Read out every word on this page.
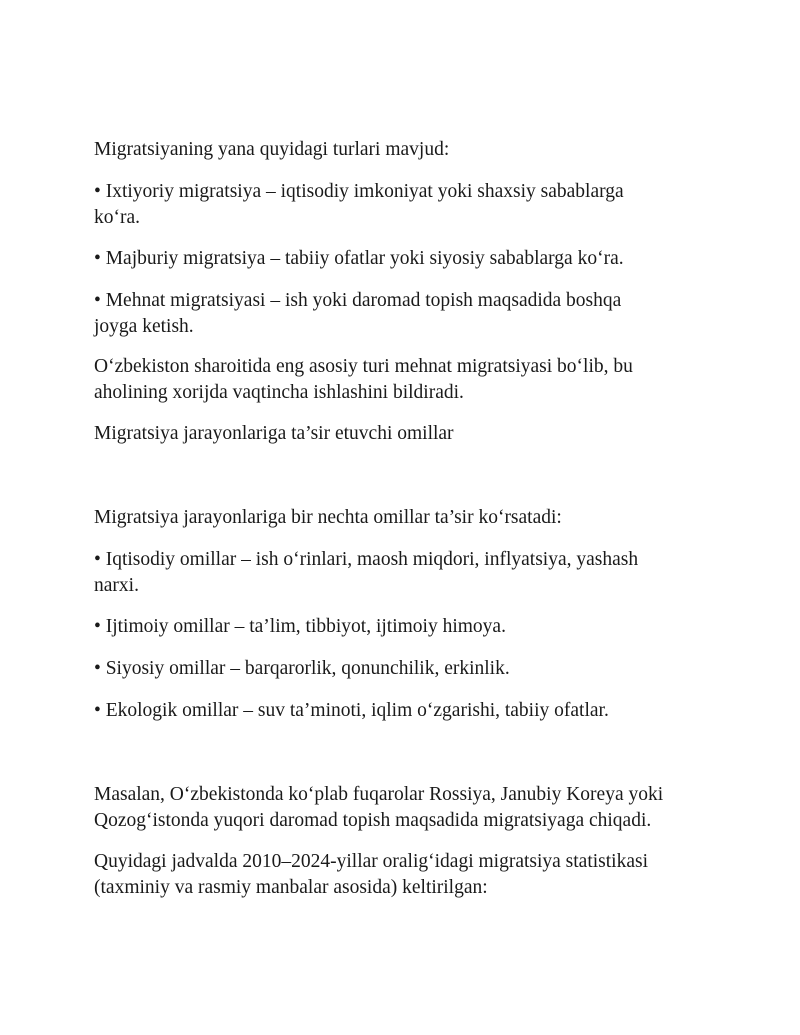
Migratsiyaning yana quyidagi turlari mavjud:

• Ixtiyoriy migratsiya – iqtisodiy imkoniyat yoki shaxsiy sabablarga
ko‘ra.

• Majburiy migratsiya – tabiiy ofatlar yoki siyosiy sabablarga ko‘ra.

• Mehnat migratsiyasi – ish yoki daromad topish maqsadida boshqa
joyga ketish.

O‘zbekiston sharoitida eng asosiy turi mehnat migratsiyasi bo‘lib, bu
aholining xorijda vaqtincha ishlashini bildiradi.

Migratsiya jarayonlariga ta’sir etuvchi omillar

Migratsiya jarayonlariga bir nechta omillar ta’sir ko‘rsatadi:

• Iqtisodiy omillar – ish o‘rinlari, maosh miqdori, inflyatsiya, yashash
narxi.

• Ijtimoiy omillar – ta’lim, tibbiyot, ijtimoiy himoya.

• Siyosiy omillar – barqarorlik, qonunchilik, erkinlik.

• Ekologik omillar – suv ta’minoti, iqlim o‘zgarishi, tabiiy ofatlar.

Masalan, O‘zbekistonda ko‘plab fuqarolar Rossiya, Janubiy Koreya yoki
Qozog‘istonda yuqori daromad topish maqsadida migratsiyaga chiqadi.

Quyidagi jadvalda 2010–2024-yillar oralig‘idagi migratsiya statistikasi
(taxminiy va rasmiy manbalar asosida) keltirilgan:
